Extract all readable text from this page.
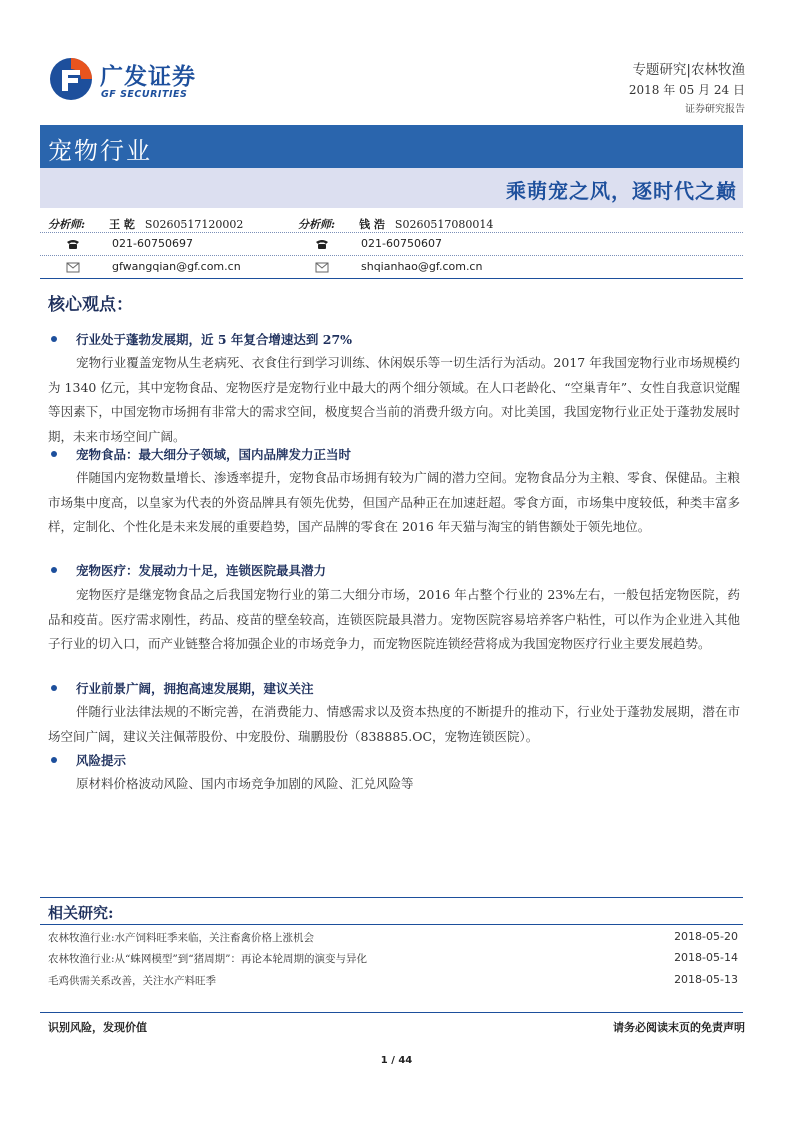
广发证券
GF SECURITIES
专题研究|农林牧渔
2018 年 05 月 24 日
证券研究报告
宠物行业
乘萌宠之风，逐时代之巅
分析师: 王 乾 S0260517120002
021-60750697
gfwangqian@gf.com.cn
分析师: 钱 浩 S0260517080014
021-60750607
shqianhao@gf.com.cn
核心观点：
行业处于蓬勃发展期，近 5 年复合增速达到 27%
宠物行业覆盖宠物从生老病死、衣食住行到学习训练、休闲娱乐等一切生活行为活动。2017 年我国宠物行业市场规模约为 1340 亿元，其中宠物食品、宠物医疗是宠物行业中最大的两个细分领域。在人口老龄化、“空巢青年”、女性自我意识觉醒等因素下，中国宠物市场拥有非常大的需求空间，极度契合当前的消费升级方向。对比美国，我国宠物行业正处于蓬勃发展时期，未来市场空间广阔。
宠物食品：最大细分子领域，国内品牌发力正当时
伴随国内宠物数量增长、渗透率提升，宠物食品市场拥有较为广阔的潜力空间。宠物食品分为主粮、零食、保健品。主粮市场集中度高，以皇家为代表的外资品牌具有领先优势，但国产品种正在加速赶超。零食方面，市场集中度较低，种类丰富多样，定制化、个性化是未来发展的重要趋势，国产品牌的零食在 2016 年天猫与淘宝的销售额处于领先地位。
宠物医疗：发展动力十足，连锁医院最具潜力
宠物医疗是继宠物食品之后我国宠物行业的第二大细分市场，2016 年占整个行业的 23%左右，一般包括宠物医院，药品和疫苗。医疗需求刚性，药品、疫苗的壁垒较高，连锁医院最具潜力。宠物医院容易培养客户粘性，可以作为企业进入其他子行业的切入口，而产业链整合将加强企业的市场竞争力，而宠物医院连锁经营将成为我国宠物医疗行业主要发展趋势。
行业前景广阔，拥抱高速发展期，建议关注
伴随行业法律法规的不断完善，在消费能力、情感需求以及资本热度的不断提升的推动下，行业处于蓬勃发展期，潜在市场空间广阔，建议关注佩蒂股份、中宠股份、瑞鹏股份（838885.OC，宠物连锁医院）。
风险提示
原材料价格波动风险、国内市场竞争加剧的风险、汇兑风险等
相关研究:
农林牧渔行业:水产饲料旺季来临，关注畜禽价格上涨机会	2018-05-20
农林牧渔行业:从“蛛网模型”到“猪周期”：再论本轮周期的演变与异化	2018-05-14
毛鸡供需关系改善，关注水产料旺季	2018-05-13
识别风险，发现价值	请务必阅读末页的免责声明
1 / 44
